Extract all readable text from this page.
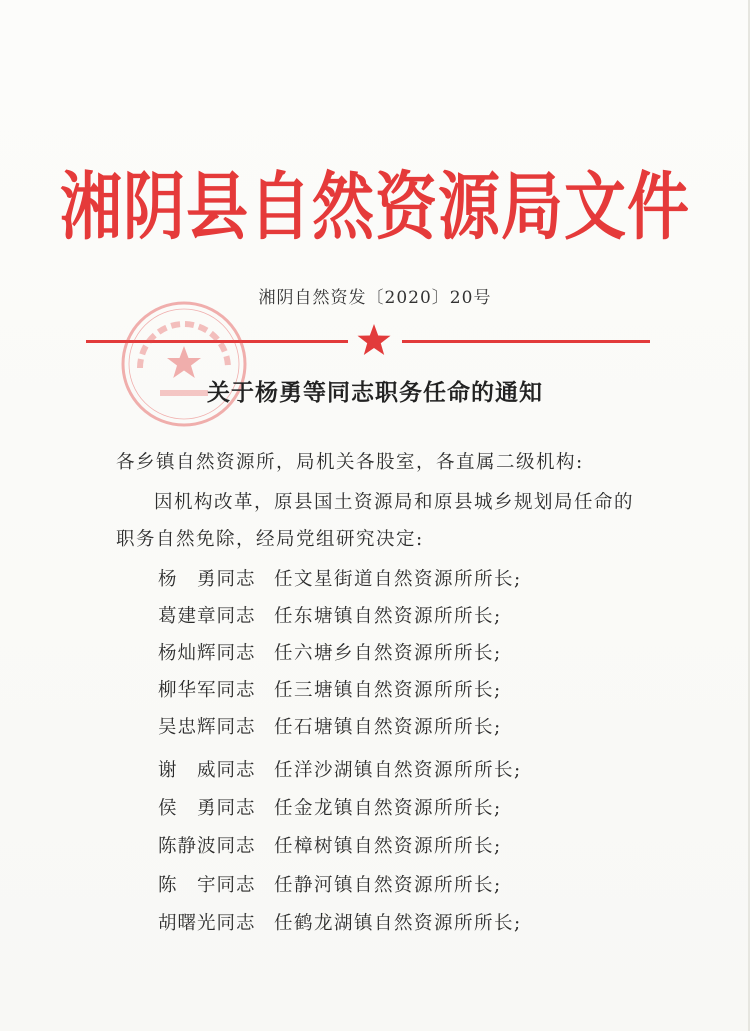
湘阴县自然资源局文件
湘阴自然资发〔2020〕20号
关于杨勇等同志职务任命的通知
各乡镇自然资源所，局机关各股室，各直属二级机构:
因机构改革，原县国土资源局和原县城乡规划局任命的
职务自然免除，经局党组研究决定:
杨　勇同志 任文星街道自然资源所所长;
葛建章同志 任东塘镇自然资源所所长;
杨灿辉同志 任六塘乡自然资源所所长;
柳华军同志 任三塘镇自然资源所所长;
吴忠辉同志 任石塘镇自然资源所所长;
谢　威同志 任洋沙湖镇自然资源所所长;
侯　勇同志 任金龙镇自然资源所所长;
陈静波同志 任樟树镇自然资源所所长;
陈　宇同志 任静河镇自然资源所所长;
胡曙光同志 任鹤龙湖镇自然资源所所长;
